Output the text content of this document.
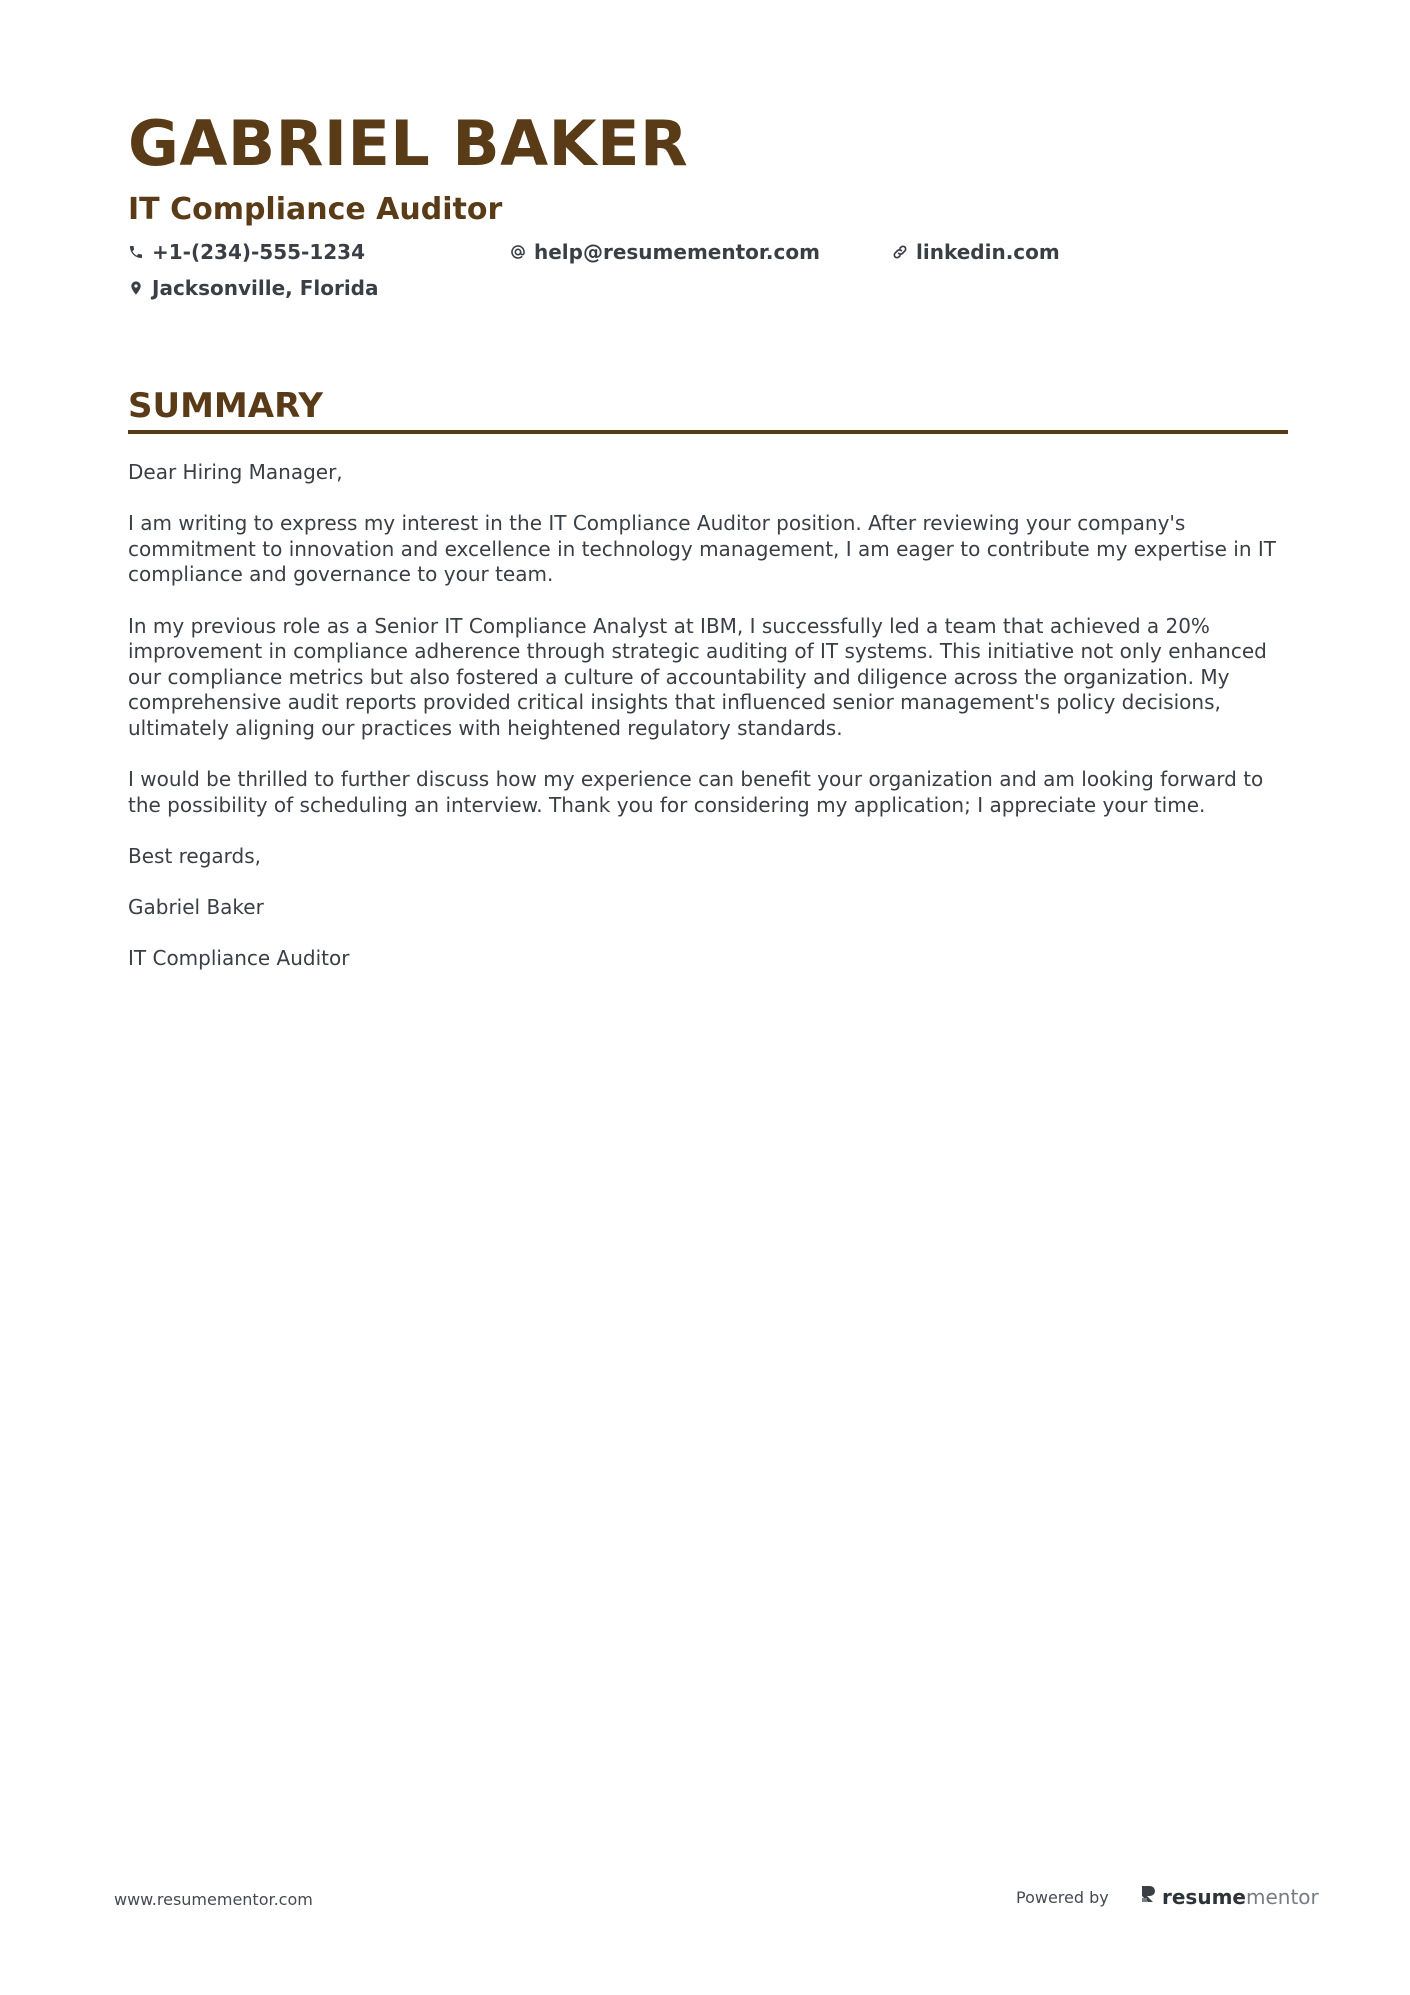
GABRIEL BAKER
IT Compliance Auditor
+1-(234)-555-1234	help@resumementor.com	linkedin.com
Jacksonville, Florida
SUMMARY

Dear Hiring Manager,

I am writing to express my interest in the IT Compliance Auditor position. After reviewing your company's commitment to innovation and excellence in technology management, I am eager to contribute my expertise in IT compliance and governance to your team.

In my previous role as a Senior IT Compliance Analyst at IBM, I successfully led a team that achieved a 20% improvement in compliance adherence through strategic auditing of IT systems. This initiative not only enhanced our compliance metrics but also fostered a culture of accountability and diligence across the organization. My comprehensive audit reports provided critical insights that influenced senior management's policy decisions, ultimately aligning our practices with heightened regulatory standards.

I would be thrilled to further discuss how my experience can benefit your organization and am looking forward to the possibility of scheduling an interview. Thank you for considering my application; I appreciate your time.

Best regards,

Gabriel Baker

IT Compliance Auditor

www.resumementor.com	Powered by	resume mentor
